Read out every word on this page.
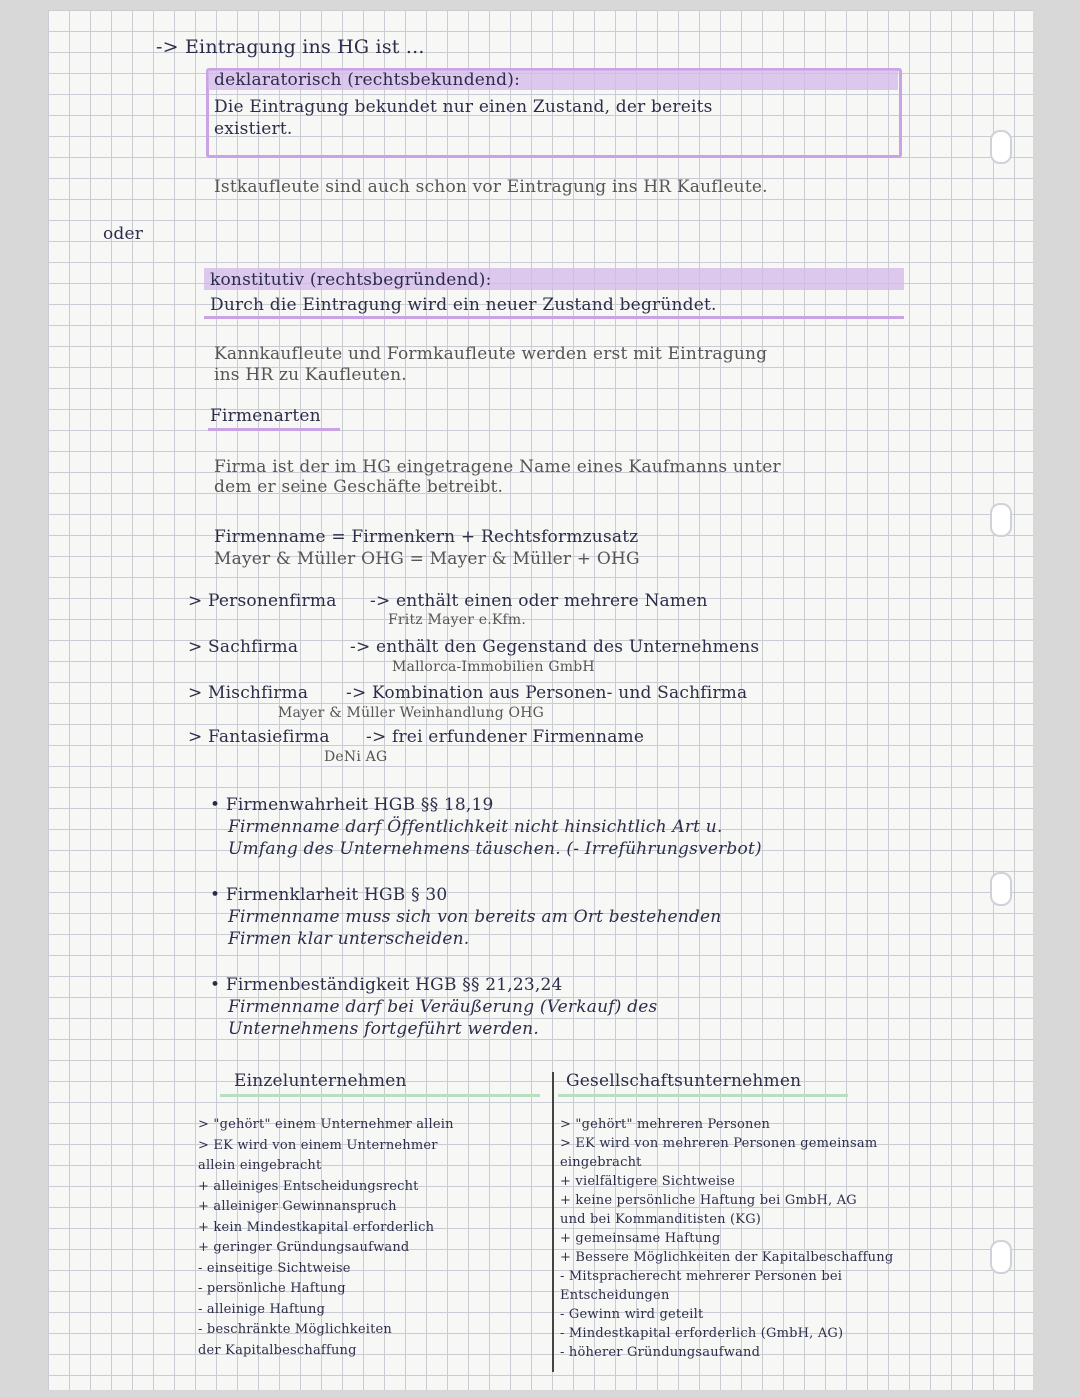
oder
-> Eintragung ins HG ist ...
deklaratorisch (rechtsbekundend):
Die Eintragung bekundet nur einen Zustand, der bereits
existiert.
Istkaufleute sind auch schon vor Eintragung ins HR Kaufleute.
konstitutiv (rechtsbegründend):
Durch die Eintragung wird ein neuer Zustand begründet.
Kannkaufleute und Formkaufleute werden erst mit Eintragung
ins HR zu Kaufleuten.
Firmenarten
Firma ist der im HG eingetragene Name eines Kaufmanns unter
dem er seine Geschäfte betreibt.
Firmenname = Firmenkern + Rechtsformzusatz
Mayer & Müller OHG = Mayer & Müller + OHG
> Personenfirma -> enthält einen oder mehrere Namen
Fritz Mayer e.Kfm.
> Sachfirma	-> enthält den Gegenstand des Unternehmens
Mallorca-Immobilien GmbH
> Mischfirma -> Kombination aus Personen- und Sachfirma
Mayer & Müller Weinhandlung OHG
> Fantasiefirma -> frei erfundener Firmenname
DeNi AG
• Firmenwahrheit HGB §§ 18,19
Firmenname darf Öffentlichkeit nicht hinsichtlich Art u.
Umfang des Unternehmens täuschen. (- Irreführungsverbot)
• Firmenklarheit HGB § 30
Firmenname muss sich von bereits am Ort bestehenden
Firmen klar unterscheiden.
• Firmenbeständigkeit HGB §§ 21,23,24
Firmenname darf bei Veräußerung (Verkauf) des
Unternehmens fortgeführt werden.
Einzelunternehmen	Gesellschaftsunternehmen
> "gehört" einem Unternehmer allein
> EK wird von einem Unternehmer
allein eingebracht
+ alleiniges Entscheidungsrecht
+ alleiniger Gewinnanspruch
+ kein Mindestkapital erforderlich
+ geringer Gründungsaufwand
- einseitige Sichtweise
- persönliche Haftung
- alleinige Haftung
- beschränkte Möglichkeiten
der Kapitalbeschaffung
> "gehört" mehreren Personen
> EK wird von mehreren Personen gemeinsam
eingebracht
+ vielfältigere Sichtweise
+ keine persönliche Haftung bei GmbH, AG
und bei Kommanditisten (KG)
+ gemeinsame Haftung
+ Bessere Möglichkeiten der Kapitalbeschaffung
- Mitspracherecht mehrerer Personen bei
Entscheidungen
- Gewinn wird geteilt
- Mindestkapital erforderlich (GmbH, AG)
- höherer Gründungsaufwand
